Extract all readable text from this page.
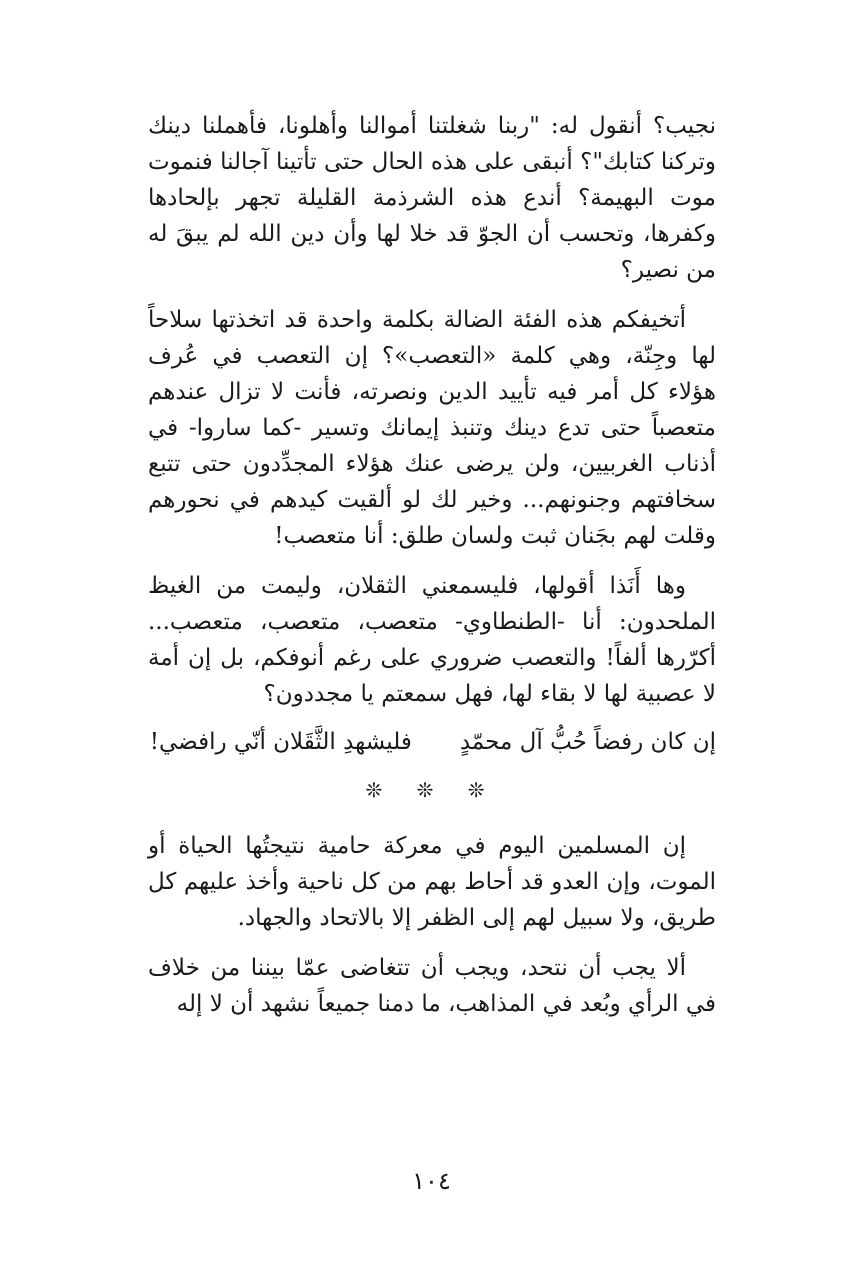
نجيب؟ أنقول له: "ربنا شغلتنا أموالنا وأهلونا، فأهملنا دينك وتركنا كتابك"؟ أنبقى على هذه الحال حتى تأتينا آجالنا فنموت موت البهيمة؟ أندع هذه الشرذمة القليلة تجهر بإلحادها وكفرها، وتحسب أن الجوّ قد خلا لها وأن دين الله لم يبقَ له من نصير؟

أتخيفكم هذه الفئة الضالة بكلمة واحدة قد اتخذتها سلاحاً لها وجِنّة، وهي كلمة «التعصب»؟ إن التعصب في عُرف هؤلاء كل أمر فيه تأييد الدين ونصرته، فأنت لا تزال عندهم متعصباً حتى تدع دينك وتنبذ إيمانك وتسير -كما ساروا- في أذناب الغربيين، ولن يرضى عنك هؤلاء المجدِّدون حتى تتبع سخافتهم وجنونهم... وخير لك لو ألقيت كيدهم في نحورهم وقلت لهم بجَنان ثبت ولسان طلق: أنا متعصب!

وها أَنَذا أقولها، فليسمعني الثقلان، وليمت من الغيظ الملحدون: أنا -الطنطاوي- متعصب، متعصب، متعصب... أكرّرها ألفاً! والتعصب ضروري على رغم أنوفكم، بل إن أمة لا عصبية لها لا بقاء لها، فهل سمعتم يا مجددون؟

إن كان رفضاً حُبُّ آل محمّدٍ
فليشهدِ الثَّقَلان أنّي رافضي!
❊ ❊ ❊

إن المسلمين اليوم في معركة حامية نتيجتُها الحياة أو الموت، وإن العدو قد أحاط بهم من كل ناحية وأخذ عليهم كل طريق، ولا سبيل لهم إلى الظفر إلا بالاتحاد والجهاد.

ألا يجب أن نتحد، ويجب أن تتغاضى عمّا بيننا من خلاف في الرأي وبُعد في المذاهب، ما دمنا جميعاً نشهد أن لا إله

١٠٤
